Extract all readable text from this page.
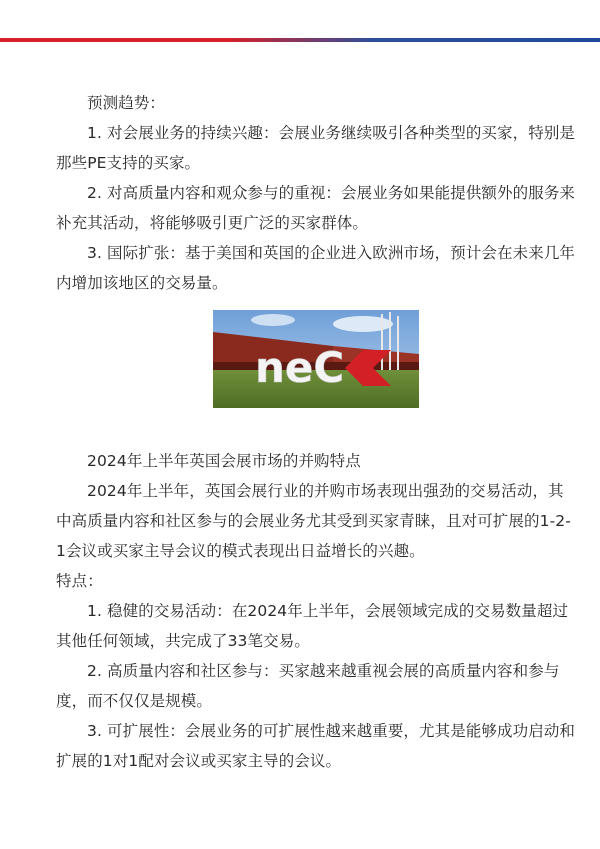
预测趋势：

1. 对会展业务的持续兴趣：会展业务继续吸引各种类型的买家，特别是那些PE支持的买家。

2. 对高质量内容和观众参与的重视：会展业务如果能提供额外的服务来补充其活动，将能够吸引更广泛的买家群体。

3. 国际扩张：基于美国和英国的企业进入欧洲市场，预计会在未来几年内增加该地区的交易量。

neC

2024年上半年英国会展市场的并购特点

2024年上半年，英国会展行业的并购市场表现出强劲的交易活动，其中高质量内容和社区参与的会展业务尤其受到买家青睐，且对可扩展的1-2-1会议或买家主导会议的模式表现出日益增长的兴趣。

特点：

1. 稳健的交易活动：在2024年上半年，会展领域完成的交易数量超过其他任何领域，共完成了33笔交易。

2. 高质量内容和社区参与：买家越来越重视会展的高质量内容和参与度，而不仅仅是规模。

3. 可扩展性：会展业务的可扩展性越来越重要，尤其是能够成功启动和扩展的1对1配对会议或买家主导的会议。
